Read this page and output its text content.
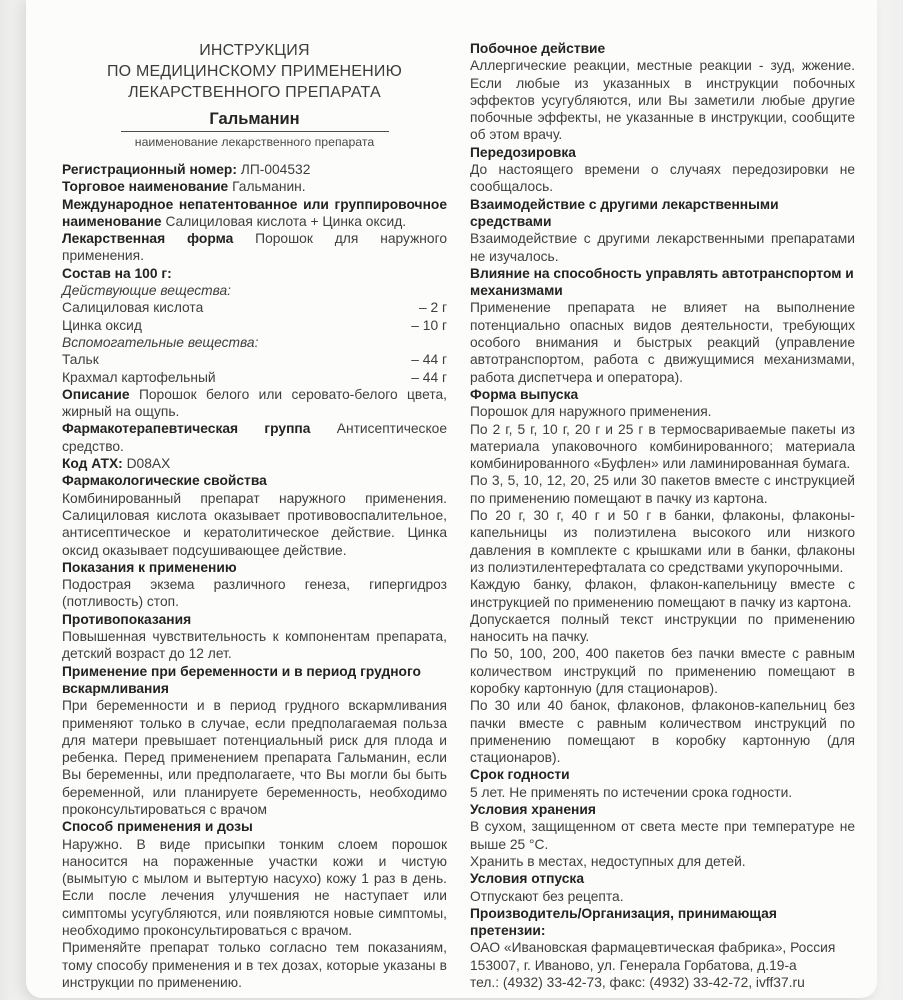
ИНСТРУКЦИЯ
ПО МЕДИЦИНСКОМУ ПРИМЕНЕНИЮ
ЛЕКАРСТВЕННОГО ПРЕПАРАТА
Гальманин
наименование лекарственного препарата

Регистрационный номер: ЛП-004532

Торговое наименование Гальманин.

Международное непатентованное или группировочное наименование Салициловая кислота + Цинка оксид.

Лекарственная форма Порошок для наружного применения.

Состав на 100 г:

Действующие вещества:

Салициловая кислота	– 2 г
Цинка оксид	– 10 г

Вспомогательные вещества:

Тальк	– 44 г
Крахмал картофельный	– 44 г

Описание Порошок белого или серовато-белого цвета, жирный на ощупь.

Фармакотерапевтическая группа Антисептическое средство.

Код АТХ: D08AX

Фармакологические свойства

Комбинированный препарат наружного применения. Салициловая кислота оказывает противовоспалительное, антисептическое и кератолитическое действие. Цинка оксид оказывает подсушивающее действие.

Показания к применению

Подострая экзема различного генеза, гипергидроз (потливость) стоп.

Противопоказания

Повышенная чувствительность к компонентам препарата, детский возраст до 12 лет.

Применение при беременности и в период грудного вскармливания

При беременности и в период грудного вскармливания применяют только в случае, если предполагаемая польза для матери превышает потенциальный риск для плода и ребенка. Перед применением препарата Гальманин, если Вы беременны, или предполагаете, что Вы могли бы быть беременной, или планируете беременность, необходимо проконсультироваться с врачом

Способ применения и дозы

Наружно. В виде присыпки тонким слоем порошок наносится на пораженные участки кожи и чистую (вымытую с мылом и вытертую насухо) кожу 1 раз в день. Если после лечения улучшения не наступает или симптомы усугубляются, или появляются новые симптомы, необходимо проконсультироваться с врачом.

Применяйте препарат только согласно тем показаниям, тому способу применения и в тех дозах, которые указаны в инструкции по применению.

Побочное действие

Аллергические реакции, местные реакции - зуд, жжение. Если любые из указанных в инструкции побочных эффектов усугубляются, или Вы заметили любые другие побочные эффекты, не указанные в инструкции, сообщите об этом врачу.

Передозировка

До настоящего времени о случаях передозировки не сообщалось.

Взаимодействие с другими лекарственными средствами

Взаимодействие с другими лекарственными препаратами не изучалось.

Влияние на способность управлять автотранспортом и механизмами

Применение препарата не влияет на выполнение потенциально опасных видов деятельности, требующих особого внимания и быстрых реакций (управление автотранспортом, работа с движущимися механизмами, работа диспетчера и оператора).

Форма выпуска

Порошок для наружного применения.

По 2 г, 5 г, 10 г, 20 г и 25 г в термосвариваемые пакеты из материала упаковочного комбинированного; материала комбинированного «Буфлен» или ламинированная бумага.

По 3, 5, 10, 12, 20, 25 или 30 пакетов вместе с инструкцией по применению помещают в пачку из картона.

По 20 г, 30 г, 40 г и 50 г в банки, флаконы, флаконы-капельницы из полиэтилена высокого или низкого давления в комплекте с крышками или в банки, флаконы из полиэтилентерефталата со средствами укупорочными.

Каждую банку, флакон, флакон-капельницу вместе с инструкцией по применению помещают в пачку из картона.

Допускается полный текст инструкции по применению наносить на пачку.

По 50, 100, 200, 400 пакетов без пачки вместе с равным количеством инструкций по применению помещают в коробку картонную (для стационаров).

По 30 или 40 банок, флаконов, флаконов-капельниц без пачки вместе с равным количеством инструкций по применению помещают в коробку картонную (для стационаров).

Срок годности

5 лет. Не применять по истечении срока годности.

Условия хранения

В сухом, защищенном от света месте при температуре не выше 25 °С.

Хранить в местах, недоступных для детей.

Условия отпуска

Отпускают без рецепта.

Производитель/Организация, принимающая претензии:

ОАО «Ивановская фармацевтическая фабрика», Россия

153007, г. Иваново, ул. Генерала Горбатова, д.19-а

тел.: (4932) 33-42-73, факс: (4932) 33-42-72, ivff37.ru
